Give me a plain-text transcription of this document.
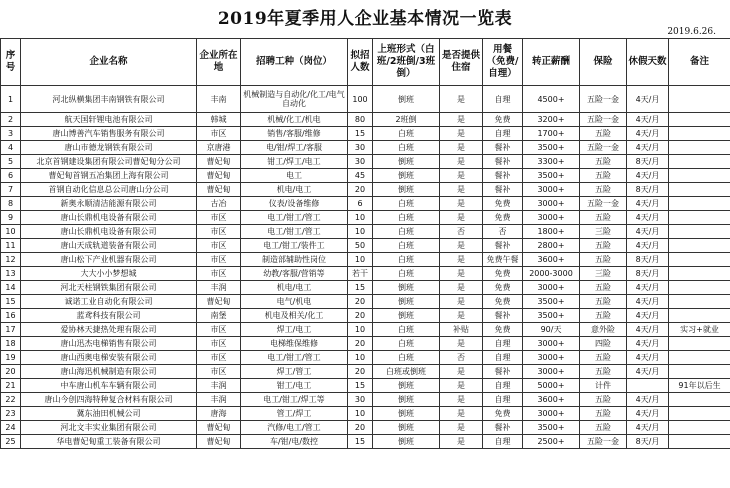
2019年夏季用人企业基本情况一览表
2019.6.26.
序号	企业名称	企业所在地	招聘工种（岗位）	拟招人数	上班形式（白班/2班倒/3班倒）	是否提供住宿	用餐（免费/自理）	转正薪酬	保险	休假天数	备注
1	河北纵横集团丰南钢铁有限公司	丰南	机械制造与自动化/化工/电气自动化	100	倒班	是	自理	4500+	五险一金	4天/月	
2	航天国轩锂电池有限公司	韩城	机械/化工/机电	80	2班倒	是	免费	3200+	五险一金	4天/月	
3	唐山博善汽车销售服务有限公司	市区	销售/客服/维修	15	白班	是	自理	1700+	五险	4天/月	
4	唐山市德龙钢铁有限公司	京唐港	电/钳/焊工/客服	30	白班	是	餐补	3500+	五险一金	4天/月	
5	北京首钢建设集团有限公司曹妃甸分公司	曹妃甸	钳工/焊工/电工	30	倒班	是	餐补	3300+	五险	8天/月	
6	曹妃甸首钢五冶集团上海有限公司	曹妃甸	电工	45	倒班	是	餐补	3500+	五险	4天/月	
7	首钢自动化信息总公司唐山分公司	曹妃甸	机电/电工	20	倒班	是	餐补	3000+	五险	8天/月	
8	新奥永顺清洁能源有限公司	古冶	仪表/设备维修	6	白班	是	免费	3000+	五险一金	4天/月	
9	唐山长鼎机电设备有限公司	市区	电工/钳工/管工	10	白班	是	免费	3000+	五险	4天/月	
10	唐山长鼎机电设备有限公司	市区	电工/钳工/管工	10	白班	否	否	1800+	三险	4天/月	
11	唐山天成轨道装备有限公司	市区	电工/钳工/装件工	50	白班	是	餐补	2800+	五险	4天/月	
12	唐山松下产业机器有限公司	市区	制造部辅助性岗位	10	白班	是	免费午餐	3600+	五险	8天/月	
13	大大小小梦想城	市区	幼教/客服/营销等	若干	白班	是	免费	2000-3000	三险	8天/月	
14	河北天柱钢铁集团有限公司	丰润	机电/电工	15	倒班	是	免费	3000+	五险	4天/月	
15	诚诺工业自动化有限公司	曹妃甸	电气/机电	20	倒班	是	免费	3500+	五险	4天/月	
16	蓝鸢科技有限公司	南堡	机电及相关/化工	20	倒班	是	餐补	3500+	五险	4天/月	
17	爱协林天捷热处理有限公司	市区	焊工/电工	10	白班	补贴	免费	90/天	意外险	4天/月	实习+就业
18	唐山迅杰电梯销售有限公司	市区	电梯维保维修	20	白班	是	自理	3000+	四险	4天/月	
19	唐山西奥电梯安装有限公司	市区	电工/钳工/管工	10	白班	否	自理	3000+	五险	4天/月	
20	唐山海迅机械制造有限公司	市区	焊工/管工	20	白班或倒班	是	餐补	3000+	五险	4天/月	
21	中车唐山机车车辆有限公司	丰润	钳工/电工	15	倒班	是	自理	5000+	计件		91年以后生
22	唐山今创四海特种复合材料有限公司	丰润	电工/钳工/焊工等	30	倒班	是	自理	3600+	五险	4天/月	
23	冀东油田机械公司	唐海	管工/焊工	10	倒班	是	免费	3000+	五险	4天/月	
24	河北文丰实业集团有限公司	曹妃甸	汽修/电工/管工	20	倒班	是	餐补	3500+	五险	4天/月	
25	华电曹妃甸重工装备有限公司	曹妃甸	车/钳/电/数控	15	倒班	是	自理	2500+	五险一金	8天/月	
